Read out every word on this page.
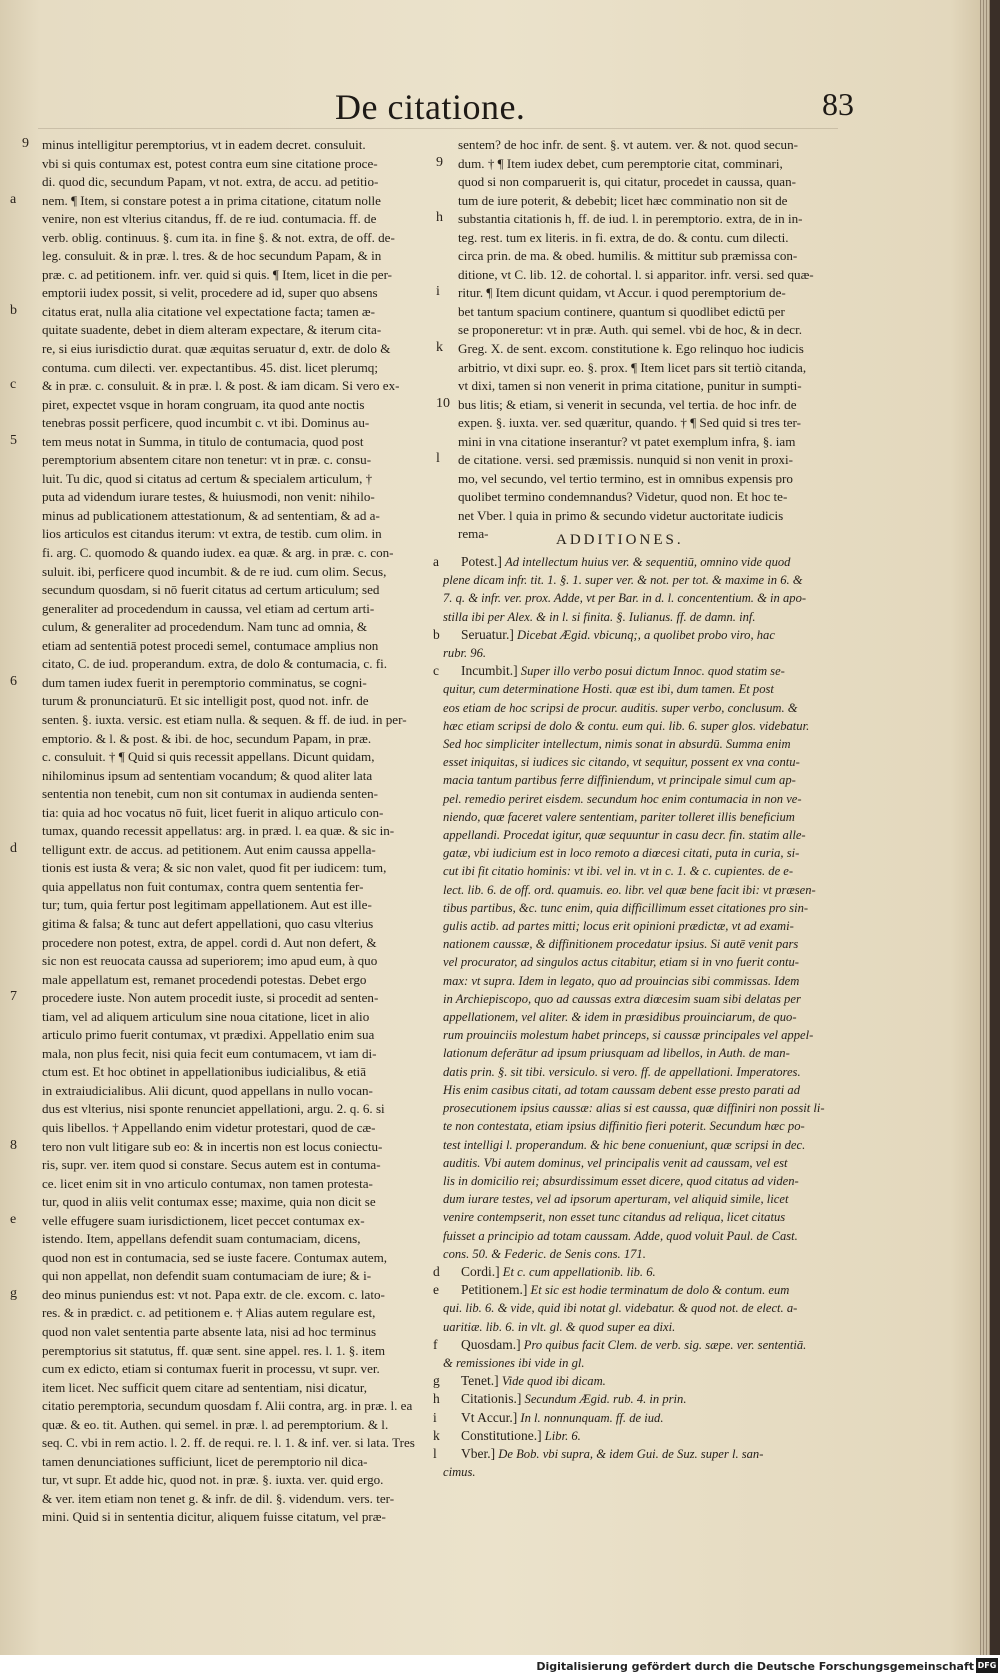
De citatione.	83
9
a
b
c
5
6
d
7
8
e
g
minus intelligitur peremptorius, vt in eadem decret. consuluit.
vbi si quis contumax est, potest contra eum sine citatione proce-
di. quod dic, secundum Papam, vt not. extra, de accu. ad petitio-
nem. ¶ Item, si constare potest a in prima citatione, citatum nolle
venire, non est vlterius citandus, ff. de re iud. contumacia. ff. de
verb. oblig. continuus. §. cum ita. in fine §. & not. extra, de off. de-
leg. consuluit. & in præ. l. tres. & de hoc secundum Papam, & in
præ. c. ad petitionem. infr. ver. quid si quis. ¶ Item, licet in die per-
emptorii iudex possit, si velit, procedere ad id, super quo absens
citatus erat, nulla alia citatione vel expectatione facta; tamen æ-
quitate suadente, debet in diem alteram expectare, & iterum cita-
re, si eius iurisdictio durat. quæ æquitas seruatur d, extr. de dolo &
contuma. cum dilecti. ver. expectantibus. 45. dist. licet plerumq;
& in præ. c. consuluit. & in præ. l. & post. & iam dicam. Si vero ex-
piret, expectet vsque in horam congruam, ita quod ante noctis
tenebras possit perficere, quod incumbit c. vt ibi. Dominus au-
tem meus notat in Summa, in titulo de contumacia, quod post
peremptorium absentem citare non tenetur: vt in præ. c. consu-
luit. Tu dic, quod si citatus ad certum & specialem articulum, †
puta ad videndum iurare testes, & huiusmodi, non venit: nihilo-
minus ad publicationem attestationum, & ad sententiam, & ad a-
lios articulos est citandus iterum: vt extra, de testib. cum olim. in
fi. arg. C. quomodo & quando iudex. ea quæ. & arg. in præ. c. con-
suluit. ibi, perficere quod incumbit. & de re iud. cum olim. Secus,
secundum quosdam, si nō fuerit citatus ad certum articulum; sed
generaliter ad procedendum in caussa, vel etiam ad certum arti-
culum, & generaliter ad procedendum. Nam tunc ad omnia, &
etiam ad sententiā potest procedi semel, contumace amplius non
citato, C. de iud. properandum. extra, de dolo & contumacia, c. fi.
dum tamen iudex fuerit in peremptorio comminatus, se cogni-
turum & pronunciaturū. Et sic intelligit post, quod not. infr. de
senten. §. iuxta. versic. est etiam nulla. & sequen. & ff. de iud. in per-
emptorio. & l. & post. & ibi. de hoc, secundum Papam, in præ.
c. consuluit. † ¶ Quid si quis recessit appellans. Dicunt quidam,
nihilominus ipsum ad sententiam vocandum; & quod aliter lata
sententia non tenebit, cum non sit contumax in audienda senten-
tia: quia ad hoc vocatus nō fuit, licet fuerit in aliquo articulo con-
tumax, quando recessit appellatus: arg. in præd. l. ea quæ. & sic in-
telligunt extr. de accus. ad petitionem. Aut enim caussa appella-
tionis est iusta & vera; & sic non valet, quod fit per iudicem: tum,
quia appellatus non fuit contumax, contra quem sententia fer-
tur; tum, quia fertur post legitimam appellationem. Aut est ille-
gitima & falsa; & tunc aut defert appellationi, quo casu vlterius
procedere non potest, extra, de appel. cordi d. Aut non defert, &
sic non est reuocata caussa ad superiorem; imo apud eum, à quo
male appellatum est, remanet procedendi potestas. Debet ergo
procedere iuste. Non autem procedit iuste, si procedit ad senten-
tiam, vel ad aliquem articulum sine noua citatione, licet in alio
articulo primo fuerit contumax, vt prædixi. Appellatio enim sua
mala, non plus fecit, nisi quia fecit eum contumacem, vt iam di-
ctum est. Et hoc obtinet in appellationibus iudicialibus, & etiā
in extraiudicialibus. Alii dicunt, quod appellans in nullo vocan-
dus est vlterius, nisi sponte renunciet appellationi, argu. 2. q. 6. si
quis libellos. † Appellando enim videtur protestari, quod de cæ-
tero non vult litigare sub eo: & in incertis non est locus coniectu-
ris, supr. ver. item quod si constare. Secus autem est in contuma-
ce. licet enim sit in vno articulo contumax, non tamen protesta-
tur, quod in aliis velit contumax esse; maxime, quia non dicit se
velle effugere suam iurisdictionem, licet peccet contumax ex-
istendo. Item, appellans defendit suam contumaciam, dicens,
quod non est in contumacia, sed se iuste facere. Contumax autem,
qui non appellat, non defendit suam contumaciam de iure; & i-
deo minus puniendus est: vt not. Papa extr. de cle. excom. c. lato-
res. & in prædict. c. ad petitionem e. † Alias autem regulare est,
quod non valet sententia parte absente lata, nisi ad hoc terminus
peremptorius sit statutus, ff. quæ sent. sine appel. res. l. 1. §. item
cum ex edicto, etiam si contumax fuerit in processu, vt supr. ver.
item licet. Nec sufficit quem citare ad sententiam, nisi dicatur,
citatio peremptoria, secundum quosdam f. Alii contra, arg. in præ. l. ea
quæ. & eo. tit. Authen. qui semel. in præ. l. ad peremptorium. & l.
seq. C. vbi in rem actio. l. 2. ff. de requi. re. l. 1. & inf. ver. si lata. Tres
tamen denunciationes sufficiunt, licet de peremptorio nil dica-
tur, vt supr. Et adde hic, quod not. in præ. §. iuxta. ver. quid ergo.
& ver. item etiam non tenet g. & infr. de dil. §. videndum. vers. ter-
mini. Quid si in sententia dicitur, aliquem fuisse citatum, vel præ-
9
h
i
k
10
l
sentem? de hoc infr. de sent. §. vt autem. ver. & not. quod secun-
dum. † ¶ Item iudex debet, cum peremptorie citat, comminari,
quod si non comparuerit is, qui citatur, procedet in caussa, quan-
tum de iure poterit, & debebit; licet hæc comminatio non sit de
substantia citationis h, ff. de iud. l. in peremptorio. extra, de in in-
teg. rest. tum ex literis. in fi. extra, de do. & contu. cum dilecti.
circa prin. de ma. & obed. humilis. & mittitur sub præmissa con-
ditione, vt C. lib. 12. de cohortal. l. si apparitor. infr. versi. sed quæ-
ritur. ¶ Item dicunt quidam, vt Accur. i quod peremptorium de-
bet tantum spacium continere, quantum si quodlibet edictū per
se proponeretur: vt in præ. Auth. qui semel. vbi de hoc, & in decr.
Greg. X. de sent. excom. constitutione k. Ego relinquo hoc iudicis
arbitrio, vt dixi supr. eo. §. prox. ¶ Item licet pars sit tertiò citanda,
vt dixi, tamen si non venerit in prima citatione, punitur in sumpti-
bus litis; & etiam, si venerit in secunda, vel tertia. de hoc infr. de
expen. §. iuxta. ver. sed quæritur, quando. † ¶ Sed quid si tres ter-
mini in vna citatione inserantur? vt patet exemplum infra, §. iam
de citatione. versi. sed præmissis. nunquid si non venit in proxi-
mo, vel secundo, vel tertio termino, est in omnibus expensis pro
quolibet termino condemnandus? Videtur, quod non. Et hoc te-
net Vber. l quia in primo & secundo videtur auctoritate iudicis
rema-	ADDITIONES.
a	Potest.] Ad intellectum huius ver. & sequentiū, omnino vide quod
plene dicam infr. tit. 1. §. 1. super ver. & not. per tot. & maxime in 6. &
7. q. & infr. ver. prox. Adde, vt per Bar. in d. l. concententium. & in apo-
stilla ibi per Alex. & in l. si finita. §. Iulianus. ff. de damn. inf.
b	Seruatur.] Dicebat Ægid. vbicunq;, a quolibet probo viro, hac
rubr. 96.
c	Incumbit.] Super illo verbo posui dictum Innoc. quod statim se-
quitur, cum determinatione Hosti. quæ est ibi, dum tamen. Et post
eos etiam de hoc scripsi de procur. auditis. super verbo, conclusum. &
hæc etiam scripsi de dolo & contu. eum qui. lib. 6. super glos. videbatur.
Sed hoc simpliciter intellectum, nimis sonat in absurdū. Summa enim
esset iniquitas, si iudices sic citando, vt sequitur, possent ex vna contu-
macia tantum partibus ferre diffiniendum, vt principale simul cum ap-
pel. remedio periret eisdem. secundum hoc enim contumacia in non ve-
niendo, quæ faceret valere sententiam, pariter tolleret illis beneficium
appellandi. Procedat igitur, quæ sequuntur in casu decr. fin. statim alle-
gatæ, vbi iudicium est in loco remoto a diœcesi citati, puta in curia, si-
cut ibi fit citatio hominis: vt ibi. vel in. vt in c. 1. & c. cupientes. de e-
lect. lib. 6. de off. ord. quamuis. eo. libr. vel quæ bene facit ibi: vt præsen-
tibus partibus, &c. tunc enim, quia difficillimum esset citationes pro sin-
gulis actib. ad partes mitti; locus erit opinioni prædictæ, vt ad exami-
nationem caussæ, & diffinitionem procedatur ipsius. Si autē venit pars
vel procurator, ad singulos actus citabitur, etiam si in vno fuerit contu-
max: vt supra. Idem in legato, quo ad prouincias sibi commissas. Idem
in Archiepiscopo, quo ad caussas extra diœcesim suam sibi delatas per
appellationem, vel aliter. & idem in præsidibus prouinciarum, de quo-
rum prouinciis molestum habet princeps, si caussæ principales vel appel-
lationum deferātur ad ipsum priusquam ad libellos, in Auth. de man-
datis prin. §. sit tibi. versiculo. si vero. ff. de appellationi. Imperatores.
His enim casibus citati, ad totam caussam debent esse presto parati ad
prosecutionem ipsius caussæ: alias si est caussa, quæ diffiniri non possit li-
te non contestata, etiam ipsius diffinitio fieri poterit. Secundum hæc po-
test intelligi l. properandum. & hic bene conueniunt, quæ scripsi in dec.
auditis. Vbi autem dominus, vel principalis venit ad caussam, vel est
lis in domicilio rei; absurdissimum esset dicere, quod citatus ad viden-
dum iurare testes, vel ad ipsorum aperturam, vel aliquid simile, licet
venire contempserit, non esset tunc citandus ad reliqua, licet citatus
fuisset a principio ad totam caussam. Adde, quod voluit Paul. de Cast.
cons. 50. & Federic. de Senis cons. 171.
d	Cordi.] Et c. cum appellationib. lib. 6.
e	Petitionem.] Et sic est hodie terminatum de dolo & contum. eum
qui. lib. 6. & vide, quid ibi notat gl. videbatur. & quod not. de elect. a-
uaritiæ. lib. 6. in vlt. gl. & quod super ea dixi.
f	Quosdam.] Pro quibus facit Clem. de verb. sig. sæpe. ver. sententiā.
& remissiones ibi vide in gl.
g	Tenet.] Vide quod ibi dicam.
h	Citationis.] Secundum Ægid. rub. 4. in prin.
i	Vt Accur.] In l. nonnunquam. ff. de iud.
k	Constitutione.] Libr. 6.
l	Vber.] De Bob. vbi supra, & idem Gui. de Suz. super l. san-
cimus.
Digitalisierung gefördert durch die Deutsche Forschungsgemeinschaft DFG
